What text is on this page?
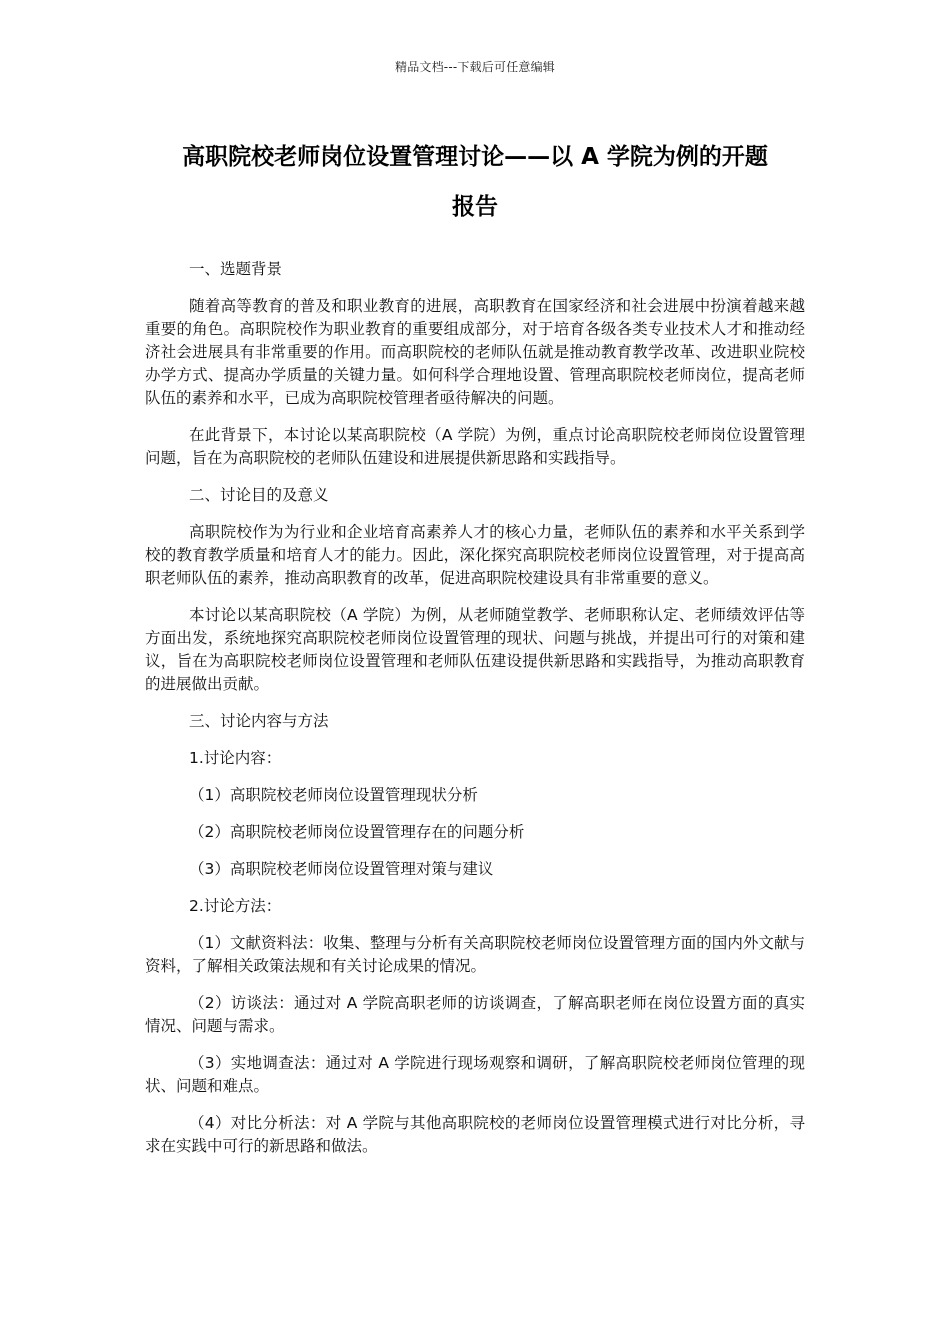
精品文档---下载后可任意编辑
高职院校老师岗位设置管理讨论——以 A 学院为例的开题
报告

一、选题背景

随着高等教育的普及和职业教育的进展，高职教育在国家经济和社会进展中扮演着越来越重要的角色。高职院校作为职业教育的重要组成部分，对于培育各级各类专业技术人才和推动经济社会进展具有非常重要的作用。而高职院校的老师队伍就是推动教育教学改革、改进职业院校办学方式、提高办学质量的关键力量。如何科学合理地设置、管理高职院校老师岗位，提高老师队伍的素养和水平，已成为高职院校管理者亟待解决的问题。

在此背景下，本讨论以某高职院校（A 学院）为例，重点讨论高职院校老师岗位设置管理问题，旨在为高职院校的老师队伍建设和进展提供新思路和实践指导。

二、讨论目的及意义

高职院校作为为行业和企业培育高素养人才的核心力量，老师队伍的素养和水平关系到学校的教育教学质量和培育人才的能力。因此，深化探究高职院校老师岗位设置管理，对于提高高职老师队伍的素养，推动高职教育的改革，促进高职院校建设具有非常重要的意义。

本讨论以某高职院校（A 学院）为例，从老师随堂教学、老师职称认定、老师绩效评估等方面出发，系统地探究高职院校老师岗位设置管理的现状、问题与挑战，并提出可行的对策和建议，旨在为高职院校老师岗位设置管理和老师队伍建设提供新思路和实践指导，为推动高职教育的进展做出贡献。

三、讨论内容与方法

1.讨论内容：

（1）高职院校老师岗位设置管理现状分析

（2）高职院校老师岗位设置管理存在的问题分析

（3）高职院校老师岗位设置管理对策与建议

2.讨论方法：

（1）文献资料法：收集、整理与分析有关高职院校老师岗位设置管理方面的国内外文献与资料，了解相关政策法规和有关讨论成果的情况。

（2）访谈法：通过对 A 学院高职老师的访谈调查，了解高职老师在岗位设置方面的真实情况、问题与需求。

（3）实地调查法：通过对 A 学院进行现场观察和调研，了解高职院校老师岗位管理的现状、问题和难点。

（4）对比分析法：对 A 学院与其他高职院校的老师岗位设置管理模式进行对比分析，寻求在实践中可行的新思路和做法。
